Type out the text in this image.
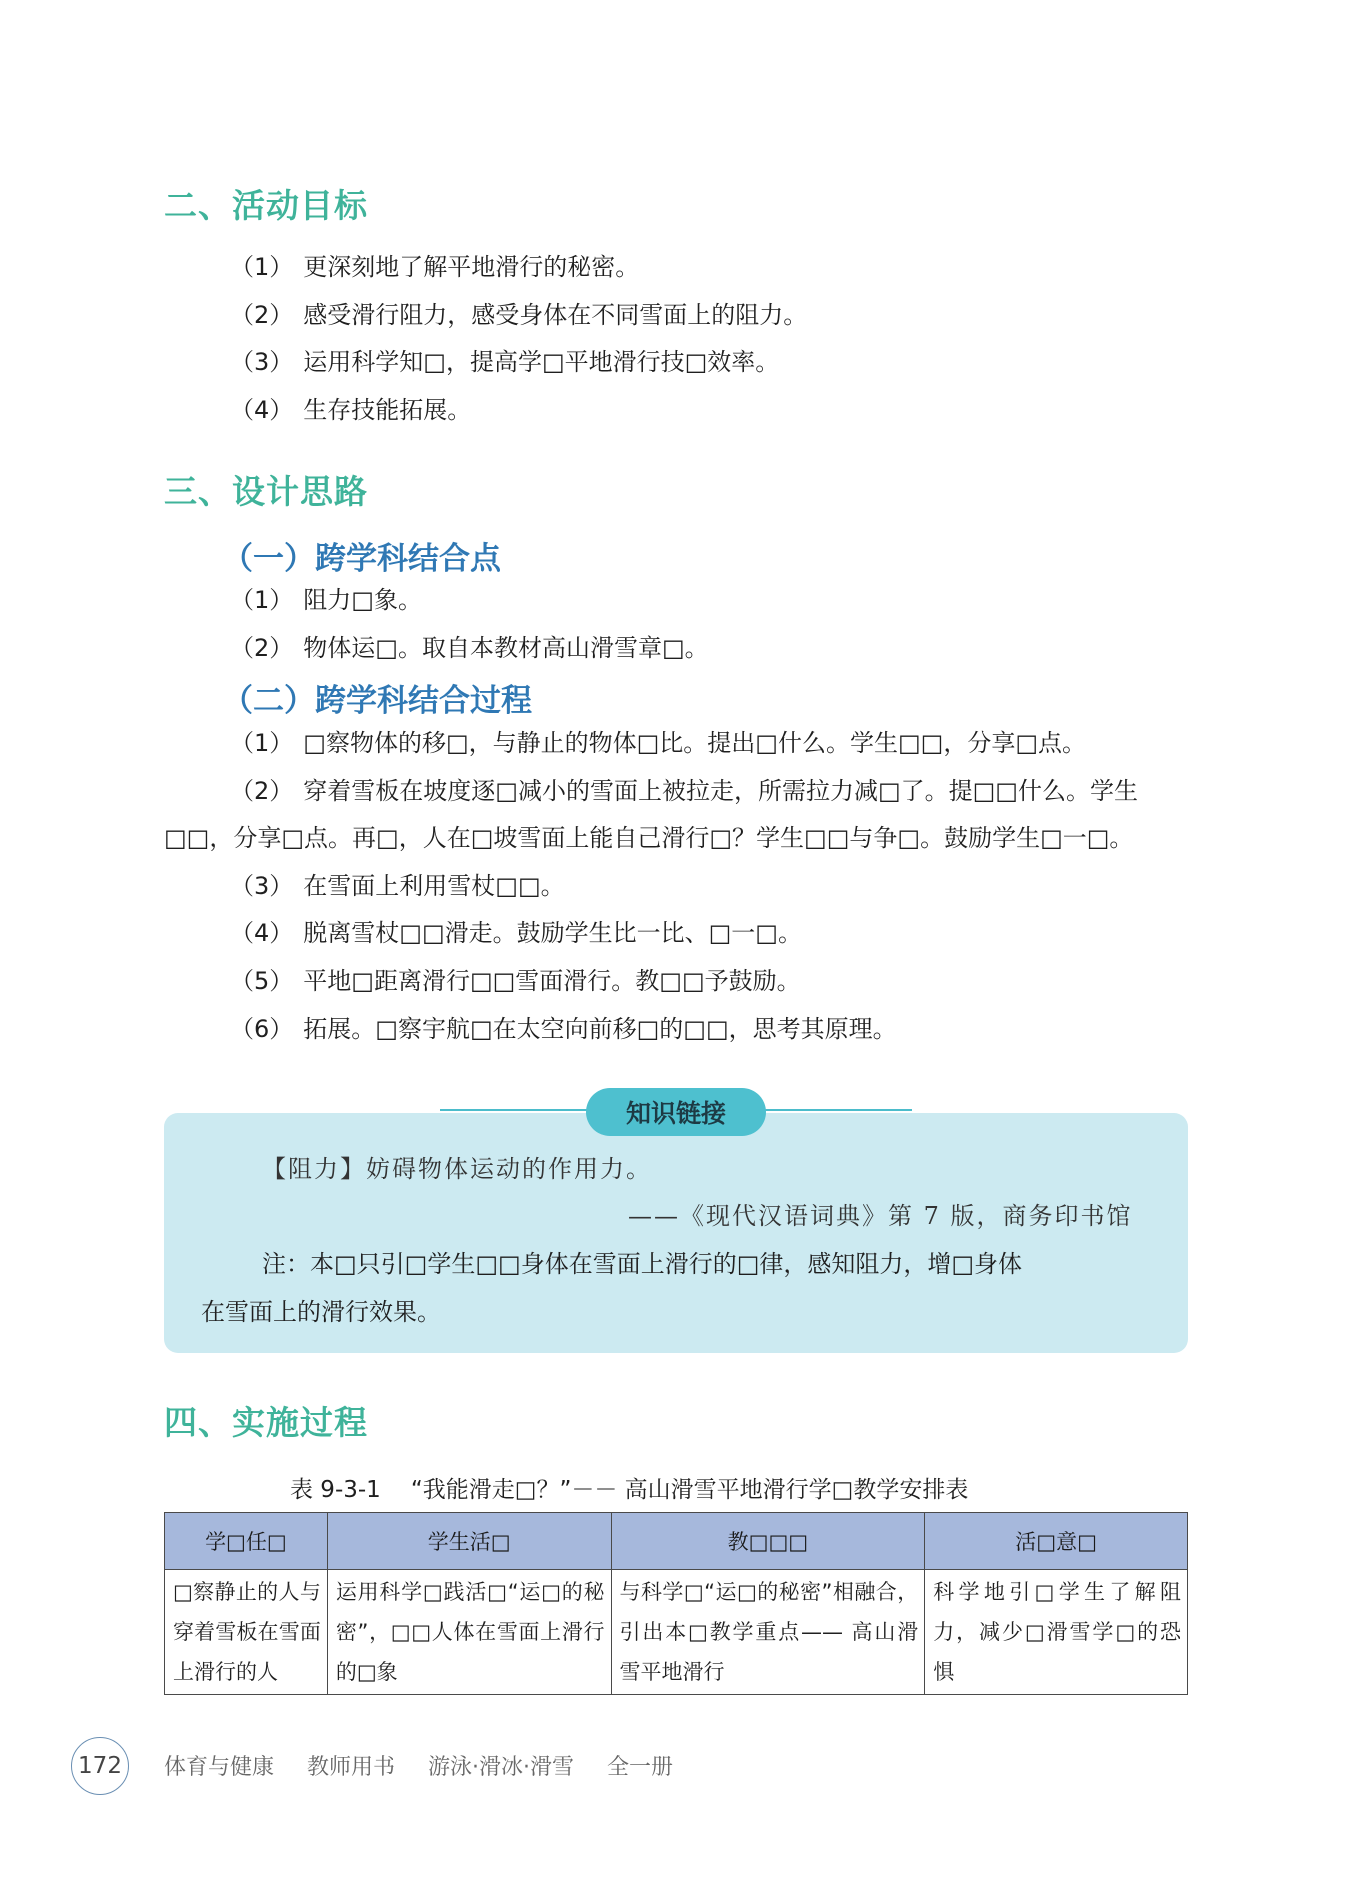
二、活动目标
（1） 更深刻地了解平地滑行的秘密。
（2） 感受滑行阻力，感受身体在不同雪面上的阻力。
（3） 运用科学知□，提高学□平地滑行技□效率。
（4） 生存技能拓展。
三、设计思路
（一）跨学科结合点
（1） 阻力□象。
（2） 物体运□。取自本教材高山滑雪章□。
（二）跨学科结合过程
（1） □察物体的移□，与静止的物体□比。提出□什么。学生□□，分享□点。
（2） 穿着雪板在坡度逐□减小的雪面上被拉走，所需拉力减□了。提□□什么。学生
□□，分享□点。再□，人在□坡雪面上能自己滑行□？学生□□与争□。鼓励学生□一□。
（3） 在雪面上利用雪杖□□。
（4） 脱离雪杖□□滑走。鼓励学生比一比、□一□。
（5） 平地□距离滑行□□雪面滑行。教□□予鼓励。
（6） 拓展。□察宇航□在太空向前移□的□□，思考其原理。
知识链接
【阻力】妨碍物体运动的作用力。
——《现代汉语词典》第 7 版，商务印书馆
注：本□只引□学生□□身体在雪面上滑行的□律，感知阻力，增□身体
在雪面上的滑行效果。
四、实施过程
表 9-3-1 “我能滑走□？”－－ 高山滑雪平地滑行学□教学安排表
学□任□	学生活□	教□□□	活□意□
□察静止的人与穿着雪板在雪面上滑行的人	运用科学□践活□“运□的秘密”，□□人体在雪面上滑行的□象	与科学□“运□的秘密”相融合，引出本□教学重点—— 高山滑雪平地滑行	科学地引□学生了解阻力，减少□滑雪学□的恐惧
172	体育与健康 教师用书 游泳·滑冰·滑雪 全一册
